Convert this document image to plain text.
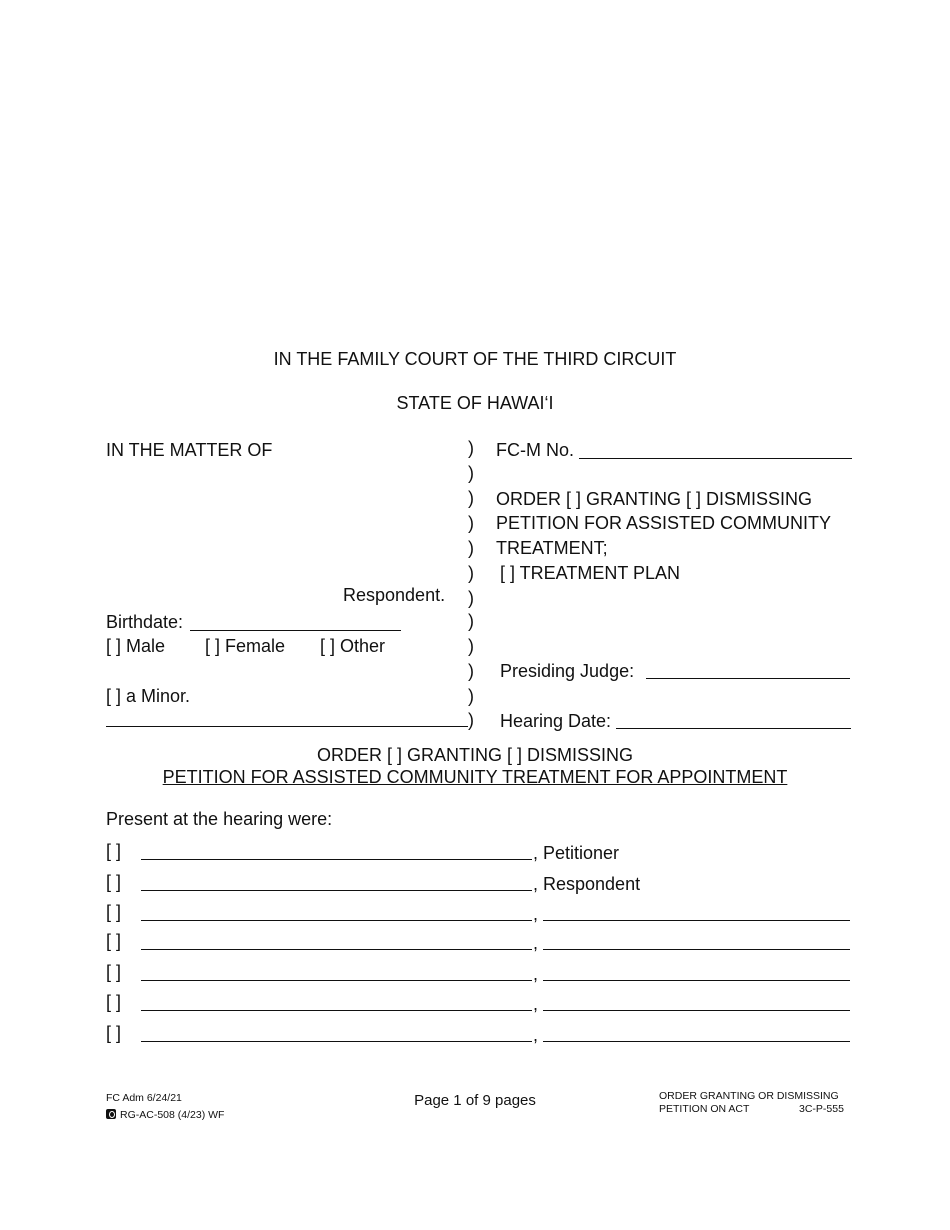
IN THE FAMILY COURT OF THE THIRD CIRCUIT
STATE OF HAWAI‘I
IN THE MATTER OF
Respondent.
Birthdate:
[ ] Male [ ] Female [ ] Other
[ ] a Minor.
)
)
)
)
)
)
)
)
)
)
)
)
FC-M No.
ORDER [ ] GRANTING [ ] DISMISSING
PETITION FOR ASSISTED COMMUNITY
TREATMENT;
[ ] TREATMENT PLAN
Presiding Judge:
Hearing Date:
ORDER [ ] GRANTING [ ] DISMISSING
PETITION FOR ASSISTED COMMUNITY TREATMENT FOR APPOINTMENT
Present at the hearing were:
[ ]	, Petitioner
[ ]	, Respondent
[ ]	,
[ ]	,
[ ]	,
[ ]	,
[ ]	,
FC Adm 6/24/21
RG-AC-508 (4/23) WF
Page 1 of 9 pages	ORDER GRANTING OR DISMISSING
PETITION ON ACT	3C-P-555
